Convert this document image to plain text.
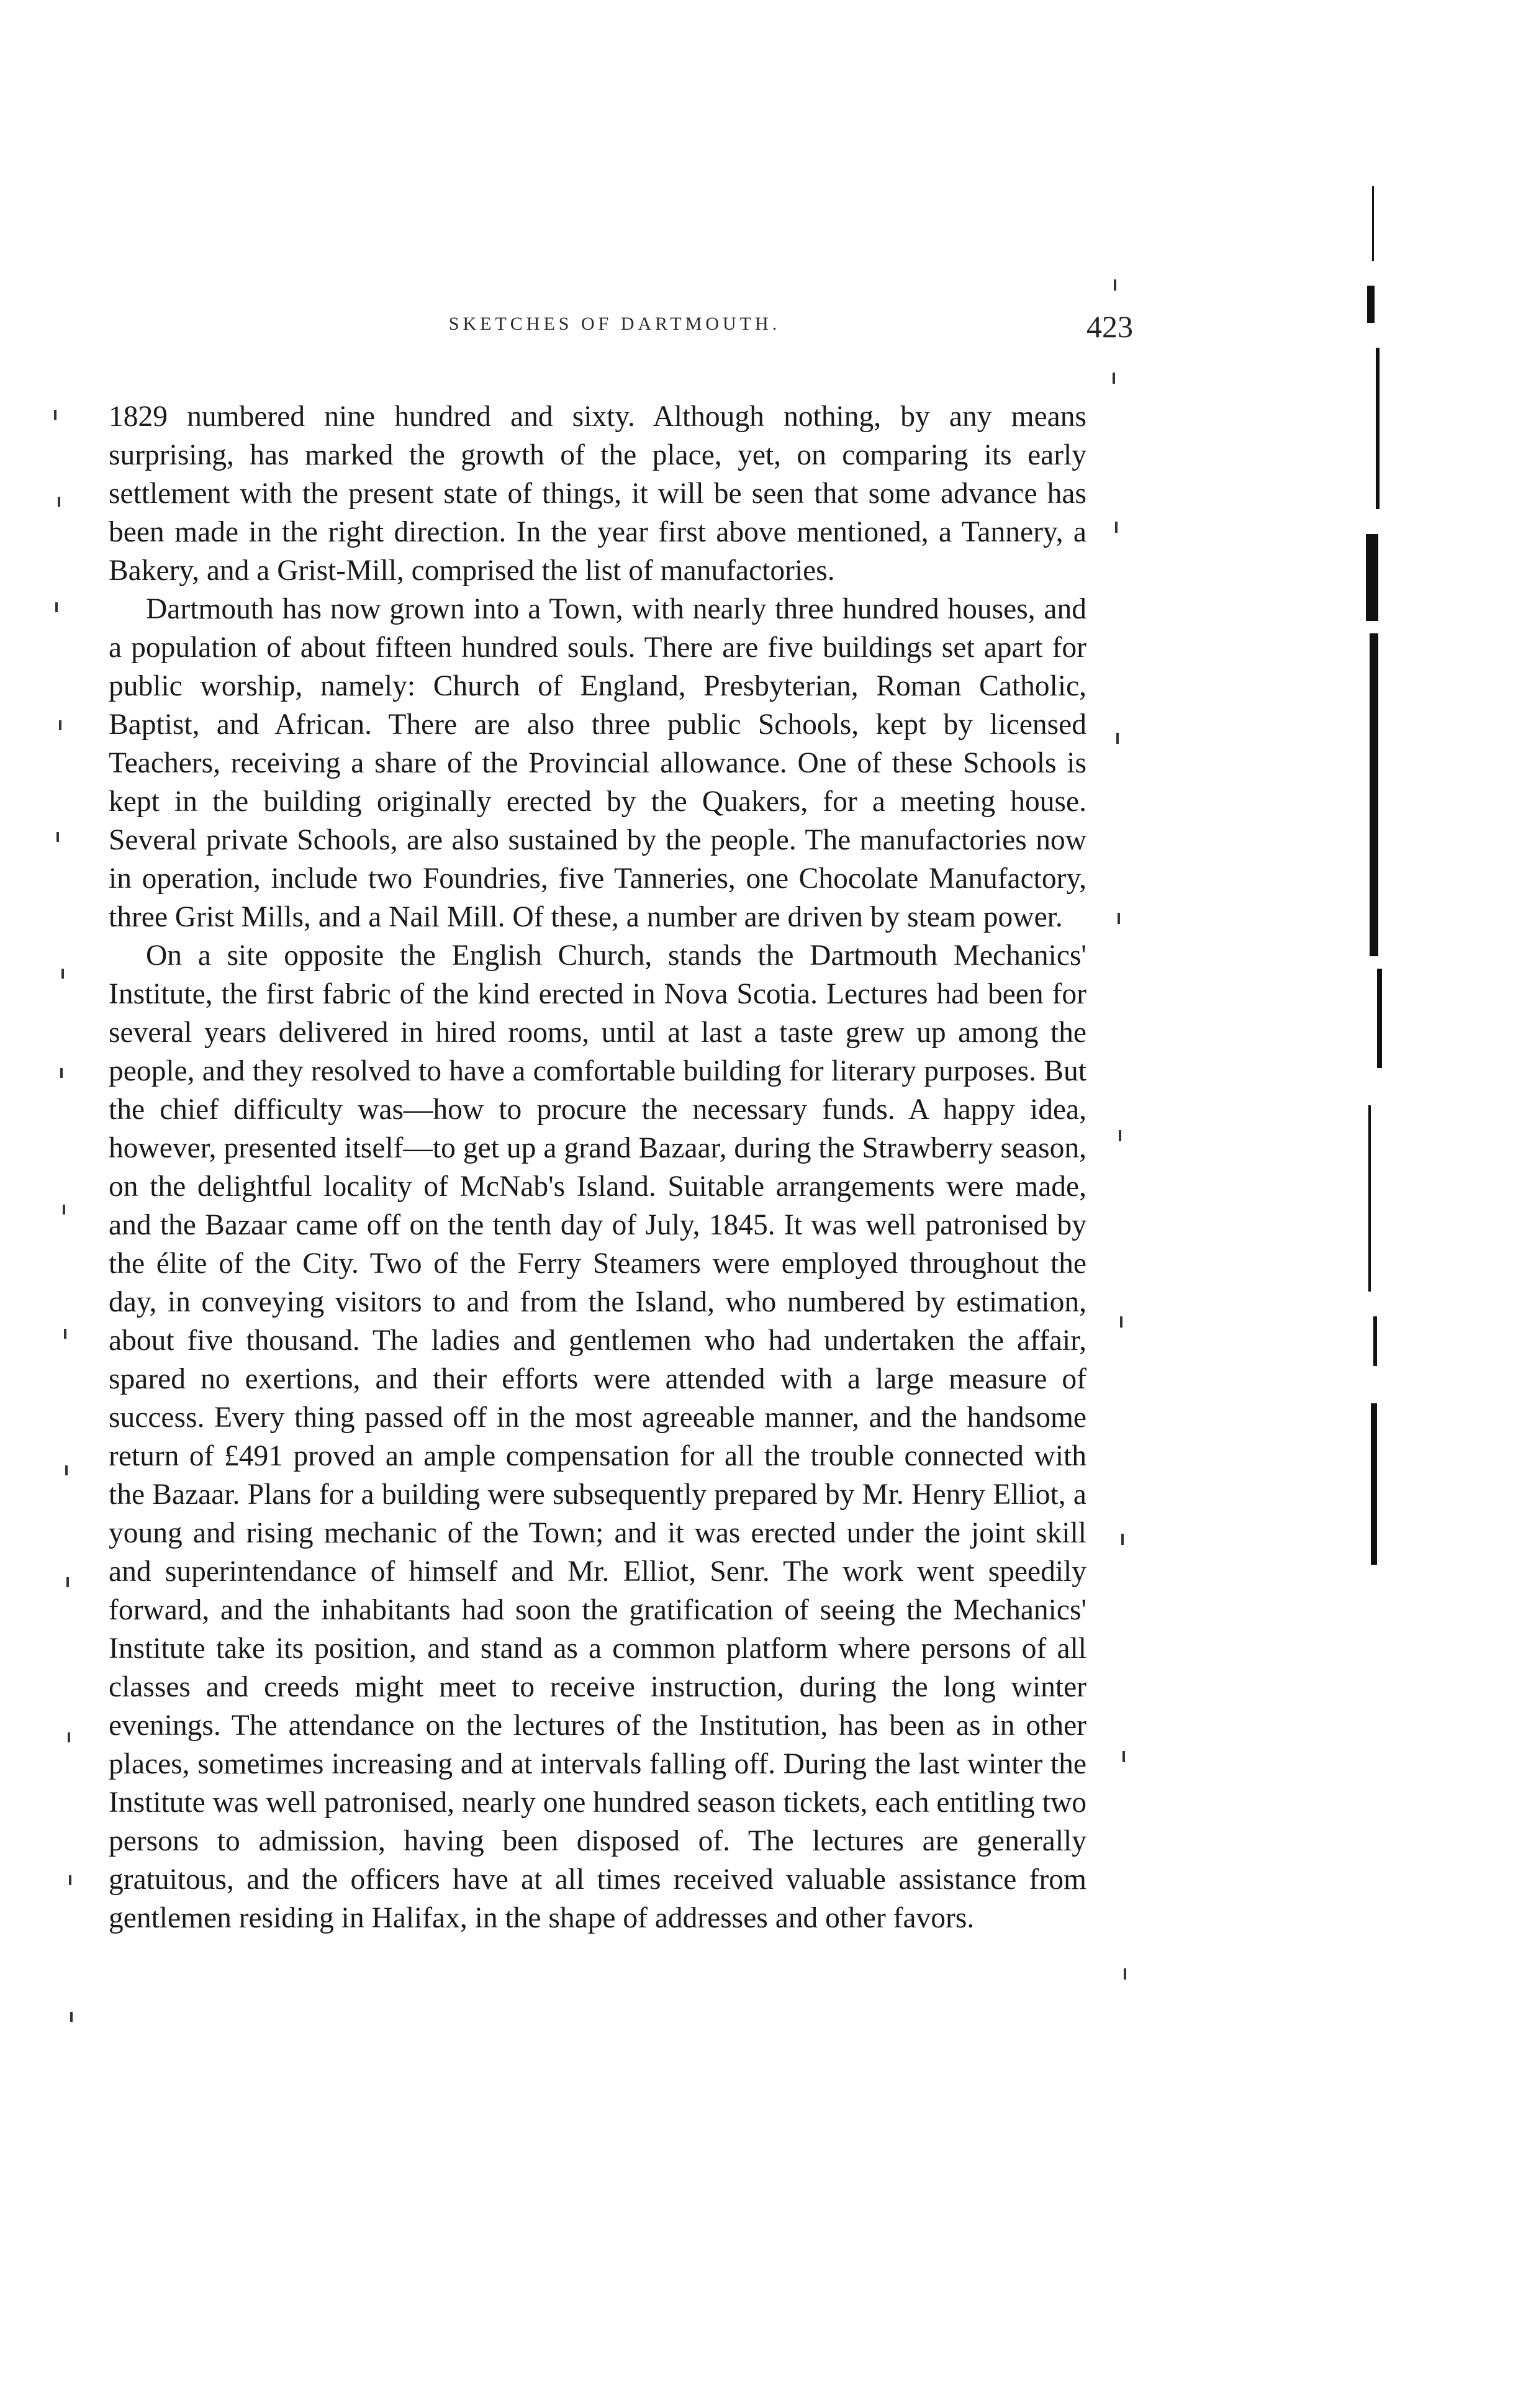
SKETCHES OF DARTMOUTH.	423

1829 numbered nine hundred and sixty. Although nothing, by any means surprising, has marked the growth of the place, yet, on comparing its early settlement with the present state of things, it will be seen that some advance has been made in the right direction. In the year first above mentioned, a Tannery, a Bakery, and a Grist-Mill, comprised the list of manufactories.

Dartmouth has now grown into a Town, with nearly three hundred houses, and a population of about fifteen hundred souls. There are five buildings set apart for public worship, namely: Church of England, Presbyterian, Roman Catholic, Baptist, and African. There are also three public Schools, kept by licensed Teachers, receiving a share of the Provincial allowance. One of these Schools is kept in the building originally erected by the Quakers, for a meeting house. Several private Schools, are also sustained by the people. The manufactories now in operation, include two Foundries, five Tanneries, one Chocolate Manufactory, three Grist Mills, and a Nail Mill. Of these, a number are driven by steam power.

On a site opposite the English Church, stands the Dartmouth Mechanics' Institute, the first fabric of the kind erected in Nova Scotia. Lectures had been for several years delivered in hired rooms, until at last a taste grew up among the people, and they resolved to have a comfortable building for literary purposes. But the chief difficulty was—how to procure the necessary funds. A happy idea, however, presented itself—to get up a grand Bazaar, during the Strawberry season, on the delightful locality of McNab's Island. Suitable arrangements were made, and the Bazaar came off on the tenth day of July, 1845. It was well patronised by the élite of the City. Two of the Ferry Steamers were employed throughout the day, in conveying visitors to and from the Island, who numbered by estimation, about five thousand. The ladies and gentlemen who had undertaken the affair, spared no exertions, and their efforts were attended with a large measure of success. Every thing passed off in the most agreeable manner, and the handsome return of £491 proved an ample compensation for all the trouble connected with the Bazaar. Plans for a building were subsequently prepared by Mr. Henry Elliot, a young and rising mechanic of the Town; and it was erected under the joint skill and superintendance of himself and Mr. Elliot, Senr. The work went speedily forward, and the inhabitants had soon the gratification of seeing the Mechanics' Institute take its position, and stand as a common platform where persons of all classes and creeds might meet to receive instruction, during the long winter evenings. The attendance on the lectures of the Institution, has been as in other places, sometimes increasing and at intervals falling off. During the last winter the Institute was well patronised, nearly one hundred season tickets, each entitling two persons to admission, having been disposed of. The lectures are generally gratuitous, and the officers have at all times received valuable assistance from gentlemen residing in Halifax, in the shape of addresses and other favors.
